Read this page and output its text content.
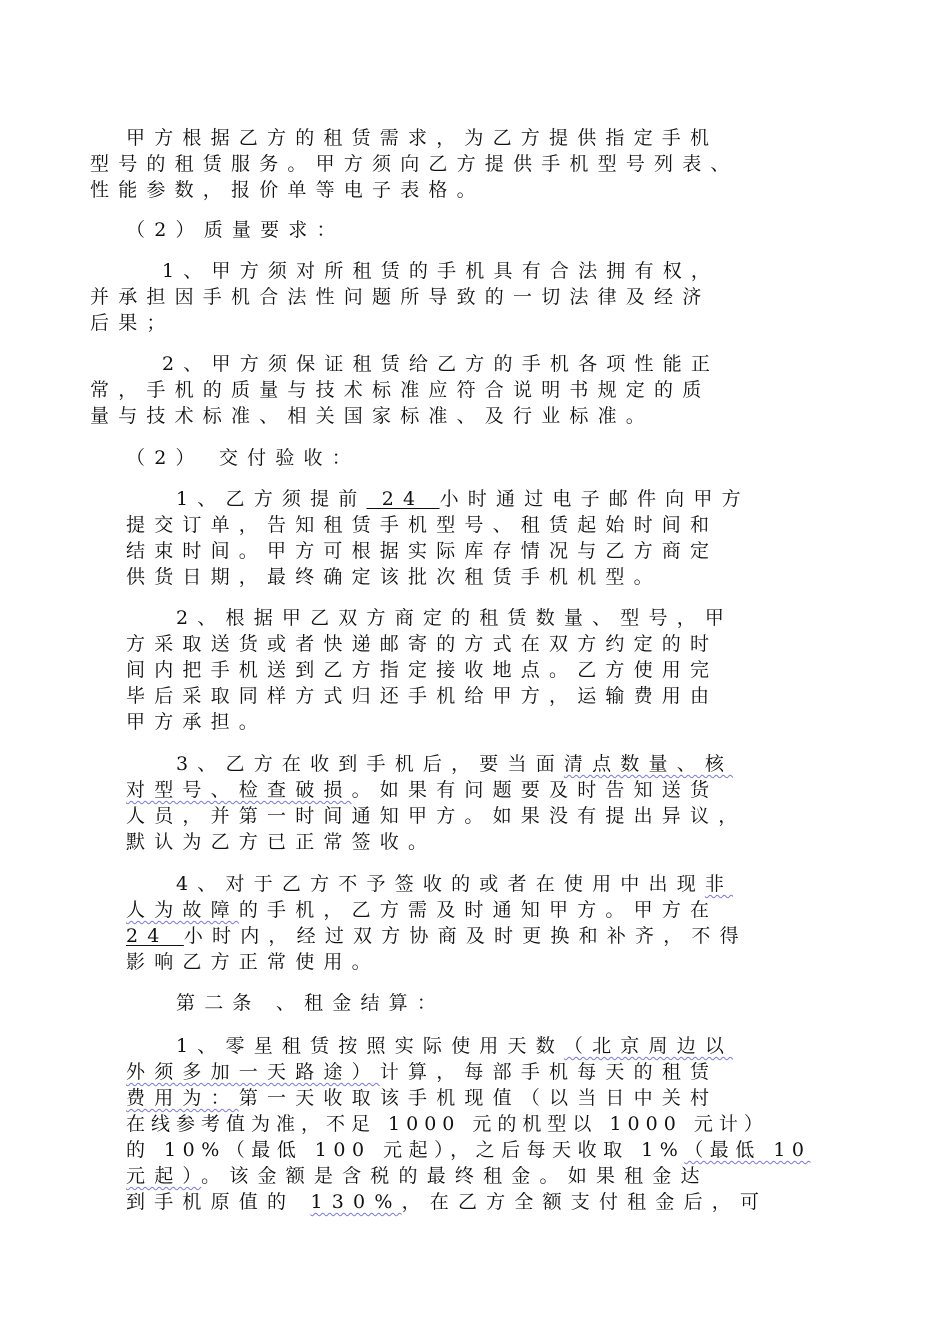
甲方根据乙方的租赁需求，为乙方提供指定手机
型号的租赁服务。甲方须向乙方提供手机型号列表、
性能参数，报价单等电子表格。
（2）质量要求：
1、甲方须对所租赁的手机具有合法拥有权，
并承担因手机合法性问题所导致的一切法律及经济
后果；
2、甲方须保证租赁给乙方的手机各项性能正
常，手机的质量与技术标准应符合说明书规定的质
量与技术标准、相关国家标准、及行业标准。
（2） 交付验收：
1、乙方须提前 24 小时通过电子邮件向甲方
提交订单，告知租赁手机型号、租赁起始时间和
结束时间。甲方可根据实际库存情况与乙方商定
供货日期，最终确定该批次租赁手机机型。
2、根据甲乙双方商定的租赁数量、型号，甲
方采取送货或者快递邮寄的方式在双方约定的时
间内把手机送到乙方指定接收地点。乙方使用完
毕后采取同样方式归还手机给甲方，运输费用由
甲方承担。
3、乙方在收到手机后，要当面清点数量、核
对型号、检查破损。如果有问题要及时告知送货
人员，并第一时间通知甲方。如果没有提出异议，
默认为乙方已正常签收。
4、对于乙方不予签收的或者在使用中出现非
人为故障的手机，乙方需及时通知甲方。甲方在
24 小时内，经过双方协商及时更换和补齐，不得
影响乙方正常使用。
第二条 、租金结算：
1、零星租赁按照实际使用天数（北京周边以
外须多加一天路途）计算，每部手机每天的租赁
费用为：第一天收取该手机现值（以当日中关村
在线参考值为准，不足 1000 元的机型以 1000 元计）
的 10%（最低 100 元起），之后每天收取 1%（最低 10
元起）。该金额是含税的最终租金。如果租金达
到手机原值的 130%，在乙方全额支付租金后，可
